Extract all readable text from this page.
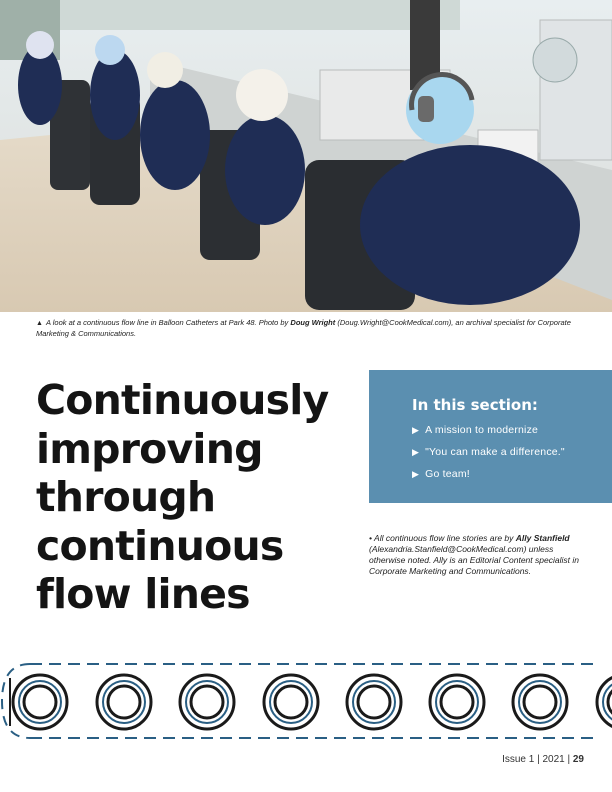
▲ A look at a continuous flow line in Balloon Catheters at Park 48. Photo by Doug Wright (Doug.Wright@CookMedical.com), an archival specialist for Corporate Marketing & Communications.
Continuously
improving
through
continuous
flow lines
In this section:
▶ A mission to modernize
▶ "You can make a difference."
▶ Go team!
• All continuous flow line stories are by Ally Stanfield (Alexandria.Stanfield@CookMedical.com) unless otherwise noted. Ally is an Editorial Content specialist in Corporate Marketing and Communications.
Issue 1 | 2021 | 29
